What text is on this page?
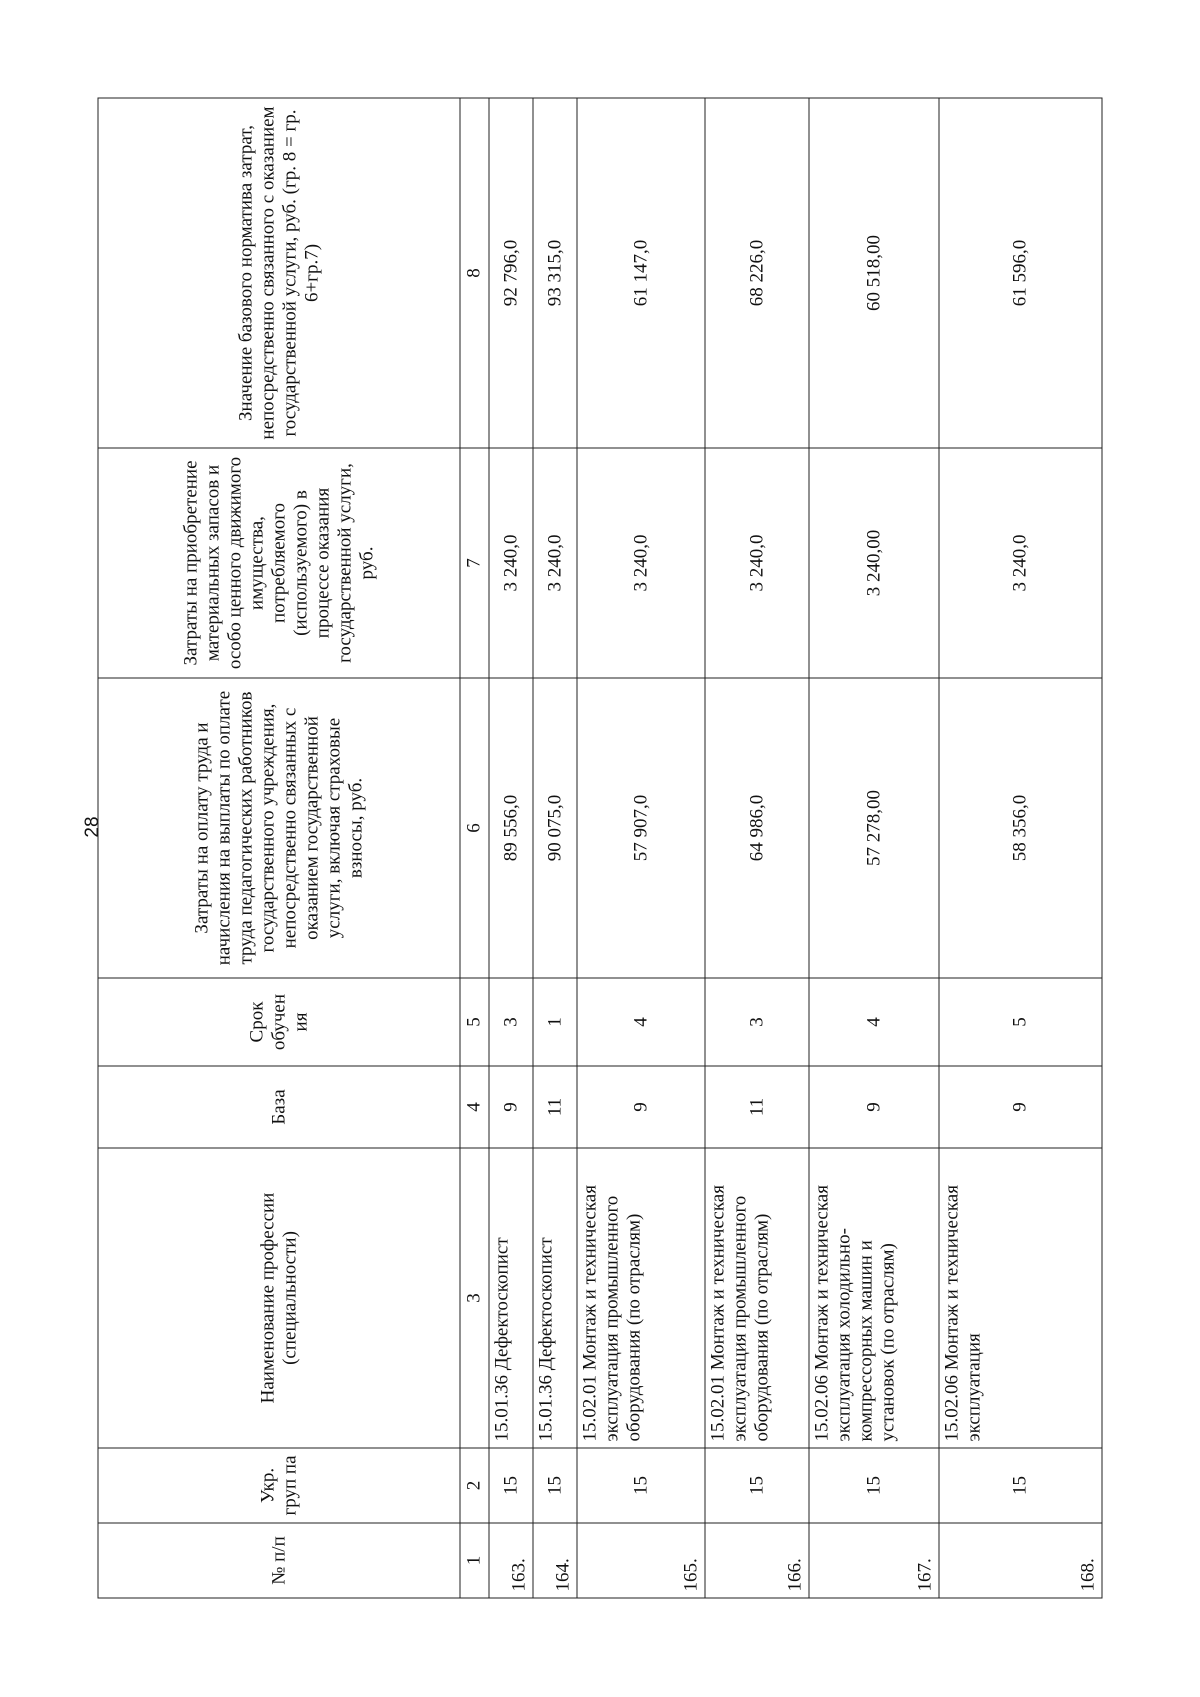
28
№ п/п	Укр. груп па	Наименование профессии (специальности)	База	Срок обучен ия	Затраты на оплату труда и начисления на выплаты по оплате труда педагогических работников государственного учреждения, непосредственно связанных с оказанием государственной услуги, включая страховые взносы, руб.	Затраты на приобретение материальных запасов и особо ценного движимого имущества, потребляемого (используемого) в процессе оказания государственной услуги, руб.	Значение базового норматива затрат, непосредственно связанного с оказанием государственной услуги, руб. (гр. 8 = гр. 6+гр.7)
1	2	3	4	5	6	7	8
163.	15	15.01.36 Дефектоскопист	9	3	89 556,0	3 240,0	92 796,0
164.	15	15.01.36 Дефектоскопист	11	1	90 075,0	3 240,0	93 315,0
165.	15	15.02.01 Монтаж и техническая эксплуатация промышленного оборудования (по отраслям)	9	4	57 907,0	3 240,0	61 147,0
166.	15	15.02.01 Монтаж и техническая эксплуатация промышленного оборудования (по отраслям)	11	3	64 986,0	3 240,0	68 226,0
167.	15	15.02.06 Монтаж и техническая эксплуатация холодильно-компрессорных машин и установок (по отраслям)	9	4	57 278,00	3 240,00	60 518,00
168.	15	15.02.06 Монтаж и техническая эксплуатация	9	5	58 356,0	3 240,0	61 596,0
